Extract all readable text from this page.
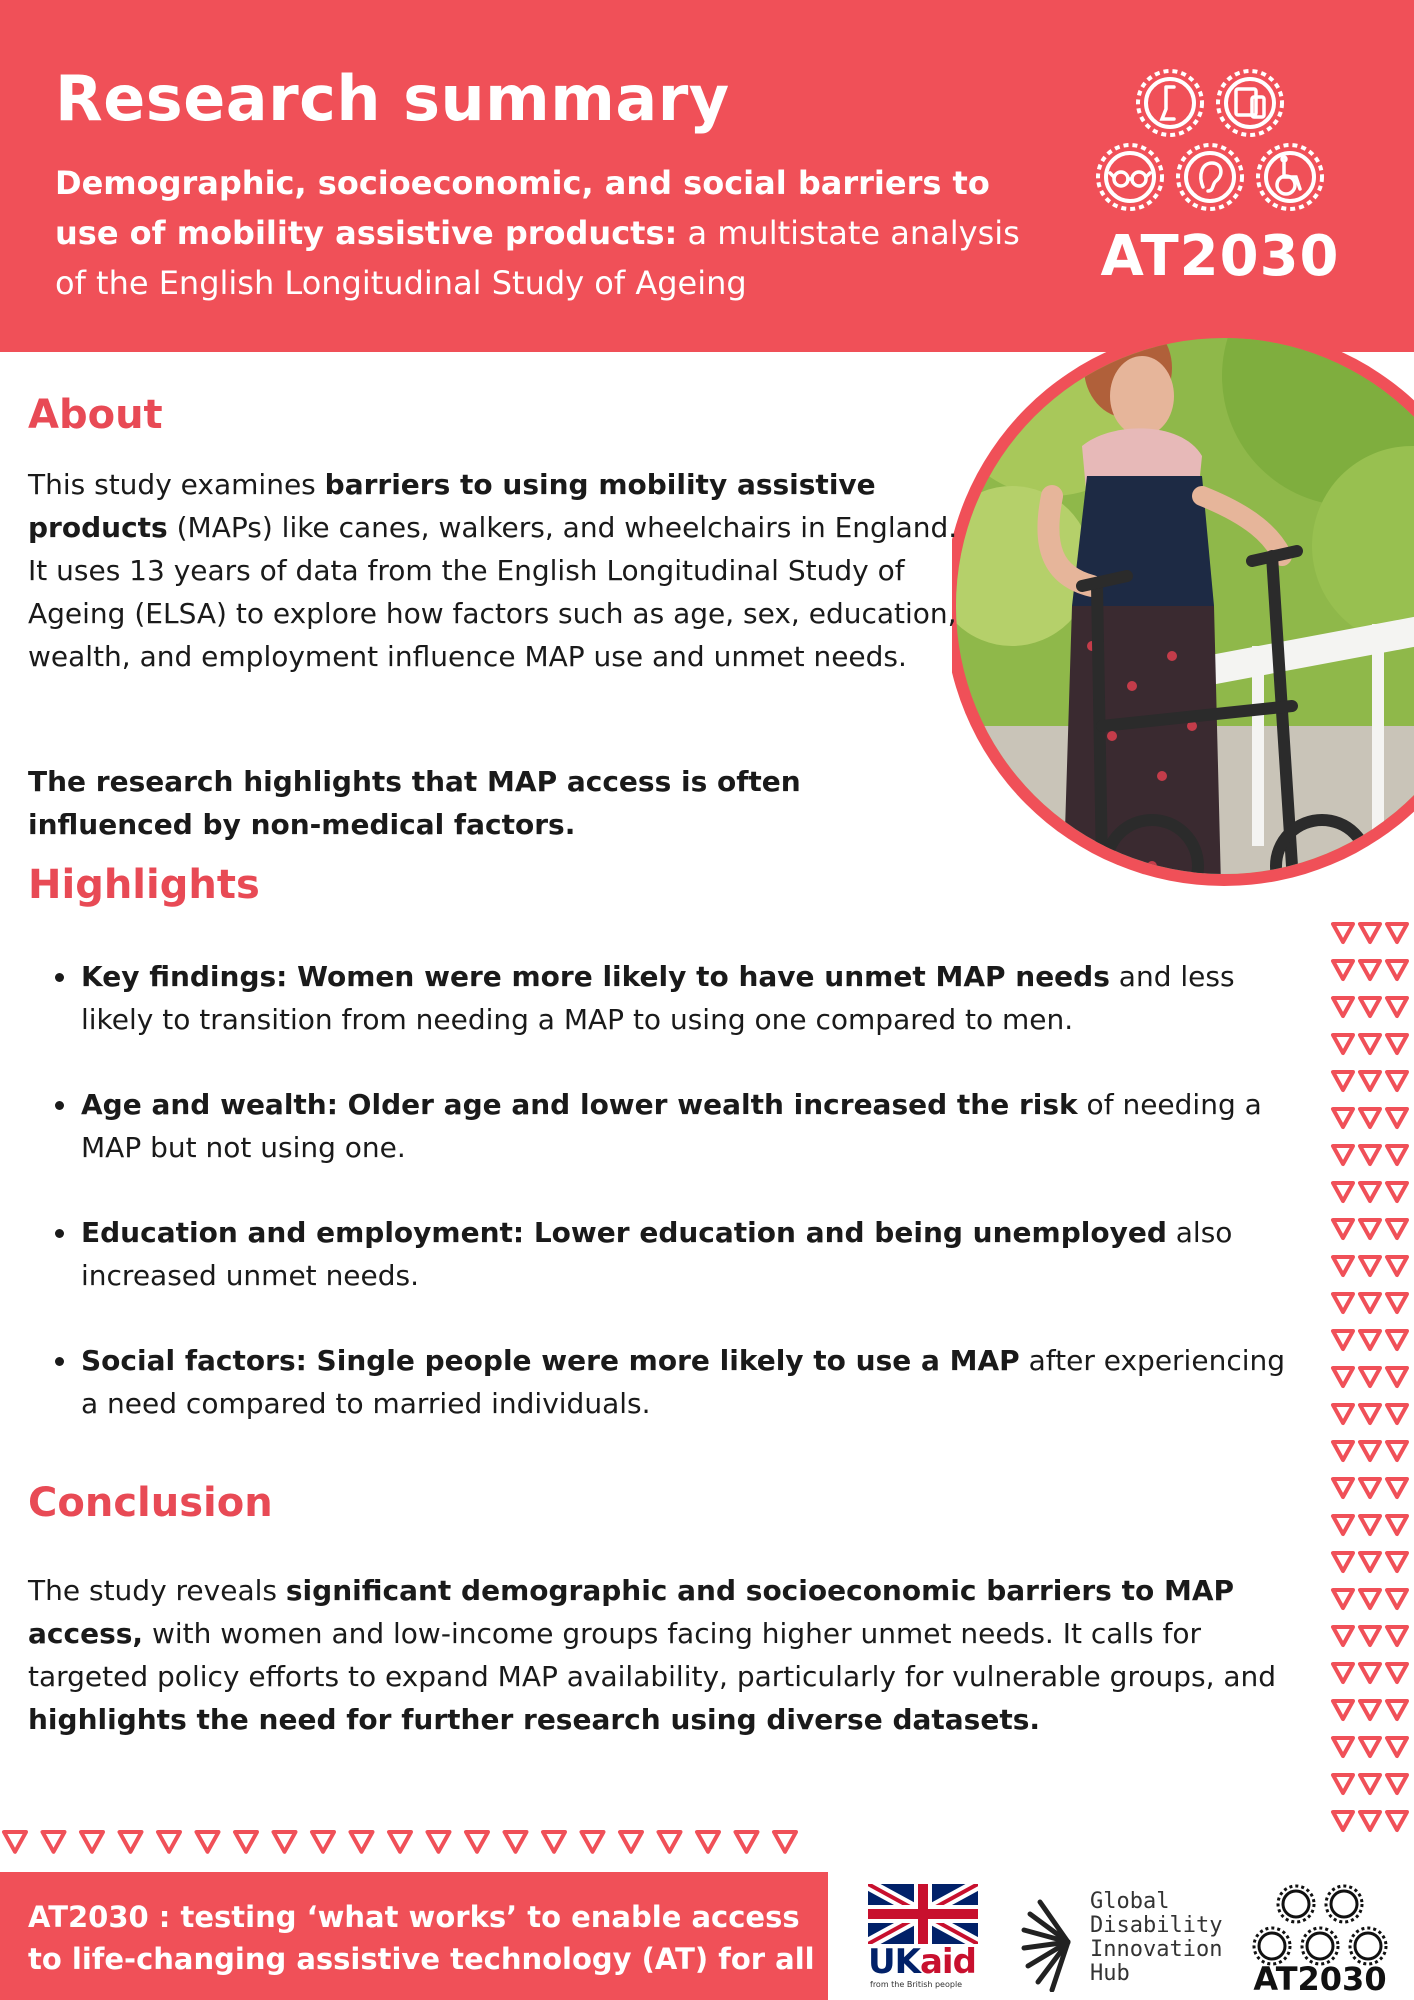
Research summary
Demographic, socioeconomic, and social barriers to use of mobility assistive products: a multistate analysis of the English Longitudinal Study of Ageing	AT2030
About

This study examines barriers to using mobility assistive products (MAPs) like canes, walkers, and wheelchairs in England. It uses 13 years of data from the English Longitudinal Study of Ageing (ELSA) to explore how factors such as age, sex, education, wealth, and employment influence MAP use and unmet needs.

The research highlights that MAP access is often influenced by non-medical factors.

Highlights
Key findings: Women were more likely to have unmet MAP needs and less likely to transition from needing a MAP to using one compared to men.
Age and wealth: Older age and lower wealth increased the risk of needing a MAP but not using one.
Education and employment: Lower education and being unemployed also increased unmet needs.
Social factors: Single people were more likely to use a MAP after experiencing a need compared to married individuals.
Conclusion

The study reveals significant demographic and socioeconomic barriers to MAP access, with women and low-income groups facing higher unmet needs. It calls for targeted policy efforts to expand MAP availability, particularly for vulnerable groups, and highlights the need for further research using diverse datasets.

AT2030 : testing ‘what works’ to enable access to life-changing assistive technology (AT) for all UKaid
from the British people
Global
Disability
Innovation
Hub	AT2030
